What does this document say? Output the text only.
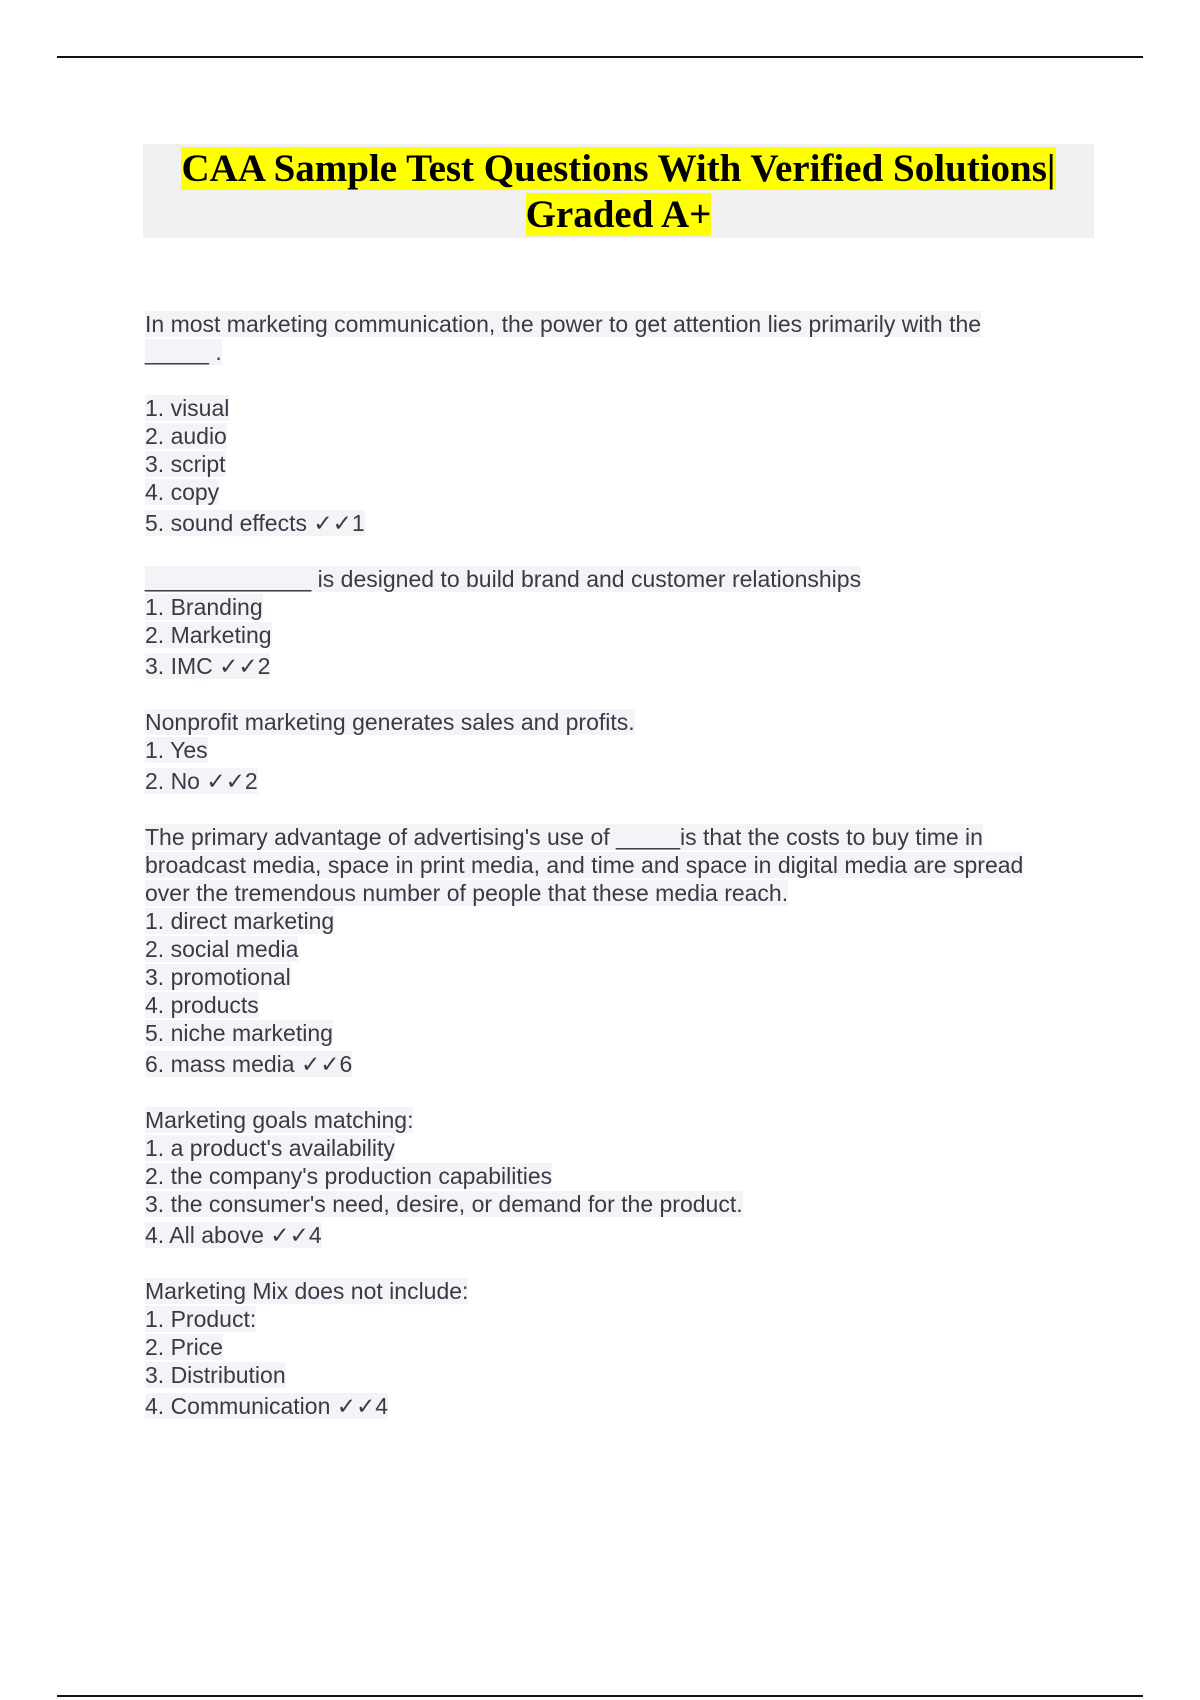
CAA Sample Test Questions With Verified Solutions|
Graded A+
In most marketing communication, the power to get attention lies primarily with the
_____ .

1. visual
2. audio
3. script
4. copy
5. sound effects ✓✓1
_____________ is designed to build brand and customer relationships
1. Branding
2. Marketing
3. IMC ✓✓2
Nonprofit marketing generates sales and profits.
1. Yes
2. No ✓✓2
The primary advantage of advertising's use of _____is that the costs to buy time in
broadcast media, space in print media, and time and space in digital media are spread
over the tremendous number of people that these media reach.
1. direct marketing
2. social media
3. promotional
4. products
5. niche marketing
6. mass media ✓✓6
Marketing goals matching:
1. a product's availability
2. the company's production capabilities
3. the consumer's need, desire, or demand for the product.
4. All above ✓✓4
Marketing Mix does not include:
1. Product:
2. Price
3. Distribution
4. Communication ✓✓4
